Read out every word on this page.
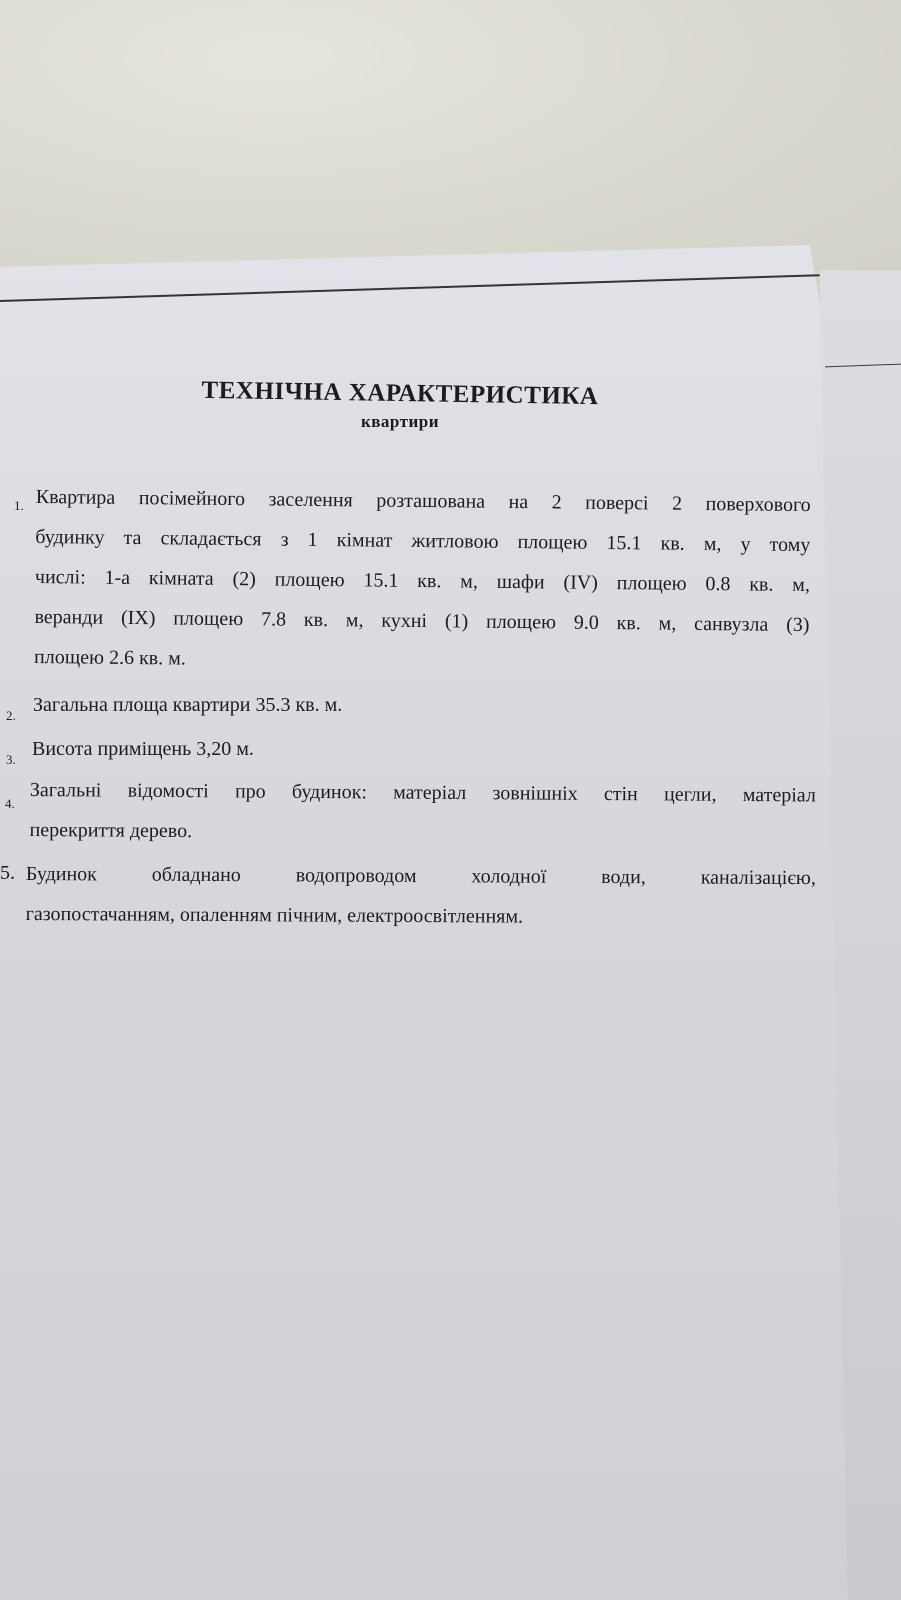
ТЕХНІЧНА ХАРАКТЕРИСТИКА
квартири
1. Квартира посімейного заселення розташована на 2 поверсі 2 поверхового
будинку та складається з 1 кімнат житловою площею 15.1 кв. м, у тому
числі: 1-а кімната (2) площею 15.1 кв. м, шафи (IV) площею 0.8 кв. м,
веранди (IX) площею 7.8 кв. м, кухні (1) площею 9.0 кв. м, санвузла (3)
площею 2.6 кв. м.
2. Загальна площа квартири 35.3 кв. м.
3. Висота приміщень 3,20 м.
4. Загальні відомості про будинок: матеріал зовнішніх стін цегли, матеріал
перекриття дерево.
5. Будинок обладнано водопроводом холодної води, каналізацією,
газопостачанням, опаленням пічним, електроосвітленням.
